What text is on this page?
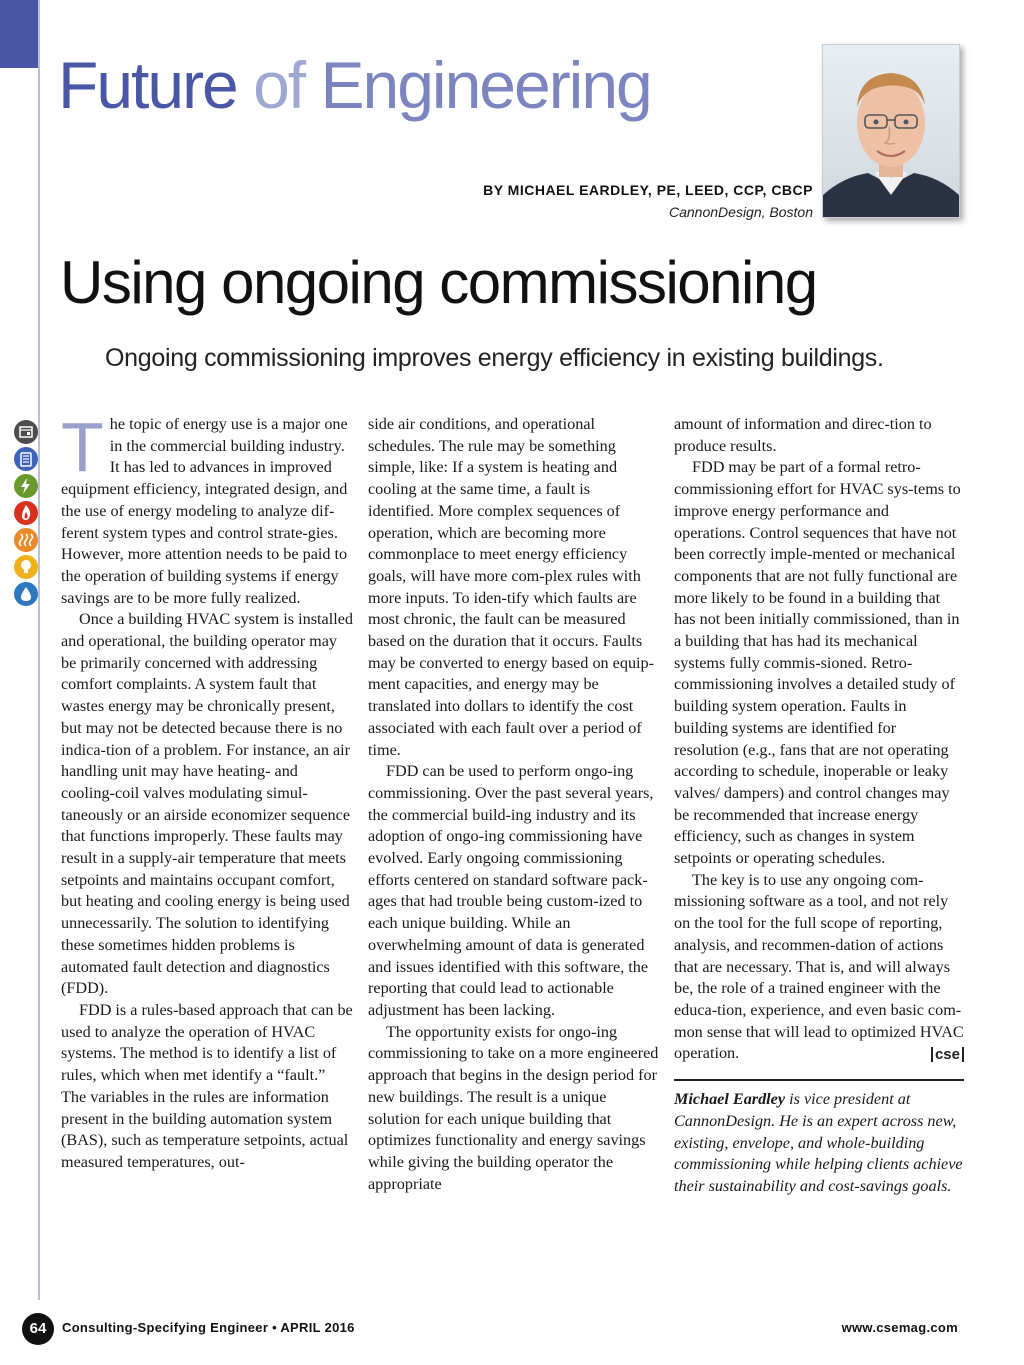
Future of Engineering
BY MICHAEL EARDLEY, PE, LEED, CCP, CBCP
CannonDesign, Boston
Using ongoing commissioning
Ongoing commissioning improves energy efficiency in existing buildings.

The topic of energy use is a major one in the commercial building industry. It has led to advances in improved equipment efficiency, integrated design, and the use of energy modeling to analyze dif-ferent system types and control strate-gies. However, more attention needs to be paid to the operation of building systems if energy savings are to be more fully realized.

Once a building HVAC system is installed and operational, the building operator may be primarily concerned with addressing comfort complaints. A system fault that wastes energy may be chronically present, but may not be detected because there is no indica-tion of a problem. For instance, an air handling unit may have heating- and cooling-coil valves modulating simul-taneously or an airside economizer sequence that functions improperly. These faults may result in a supply-air temperature that meets setpoints and maintains occupant comfort, but heating and cooling energy is being used unnecessarily. The solution to identifying these sometimes hidden problems is automated fault detection and diagnostics (FDD).

FDD is a rules-based approach that can be used to analyze the operation of HVAC systems. The method is to identify a list of rules, which when met identify a “fault.” The variables in the rules are information present in the building automation system (BAS), such as temperature setpoints, actual measured temperatures, out-

side air conditions, and operational schedules. The rule may be something simple, like: If a system is heating and cooling at the same time, a fault is identified. More complex sequences of operation, which are becoming more commonplace to meet energy efficiency goals, will have more com-plex rules with more inputs. To iden-tify which faults are most chronic, the fault can be measured based on the duration that it occurs. Faults may be converted to energy based on equip-ment capacities, and energy may be translated into dollars to identify the cost associated with each fault over a period of time.

FDD can be used to perform ongo-ing commissioning. Over the past several years, the commercial build-ing industry and its adoption of ongo-ing commissioning have evolved. Early ongoing commissioning efforts centered on standard software pack-ages that had trouble being custom-ized to each unique building. While an overwhelming amount of data is generated and issues identified with this software, the reporting that could lead to actionable adjustment has been lacking.

The opportunity exists for ongo-ing commissioning to take on a more engineered approach that begins in the design period for new buildings. The result is a unique solution for each unique building that optimizes functionality and energy savings while giving the building operator the appropriate

amount of information and direc-tion to produce results.

FDD may be part of a formal retro-commissioning effort for HVAC sys-tems to improve energy performance and operations. Control sequences that have not been correctly imple-mented or mechanical components that are not fully functional are more likely to be found in a building that has not been initially commissioned, than in a building that has had its mechanical systems fully commis-sioned. Retro-commissioning involves a detailed study of building system operation. Faults in building systems are identified for resolution (e.g., fans that are not operating according to schedule, inoperable or leaky valves/ dampers) and control changes may be recommended that increase energy efficiency, such as changes in system setpoints or operating schedules.

The key is to use any ongoing com-missioning software as a tool, and not rely on the tool for the full scope of reporting, analysis, and recommen-dation of actions that are necessary. That is, and will always be, the role of a trained engineer with the educa-tion, experience, and even basic com-mon sense that will lead to optimized HVAC operation.	cse

Michael Eardley is vice president at CannonDesign. He is an expert across new, existing, envelope, and whole-building commissioning while helping clients achieve their sustainability and cost-savings goals.

64	Consulting-Specifying Engineer • APRIL 2016	www.csemag.com
